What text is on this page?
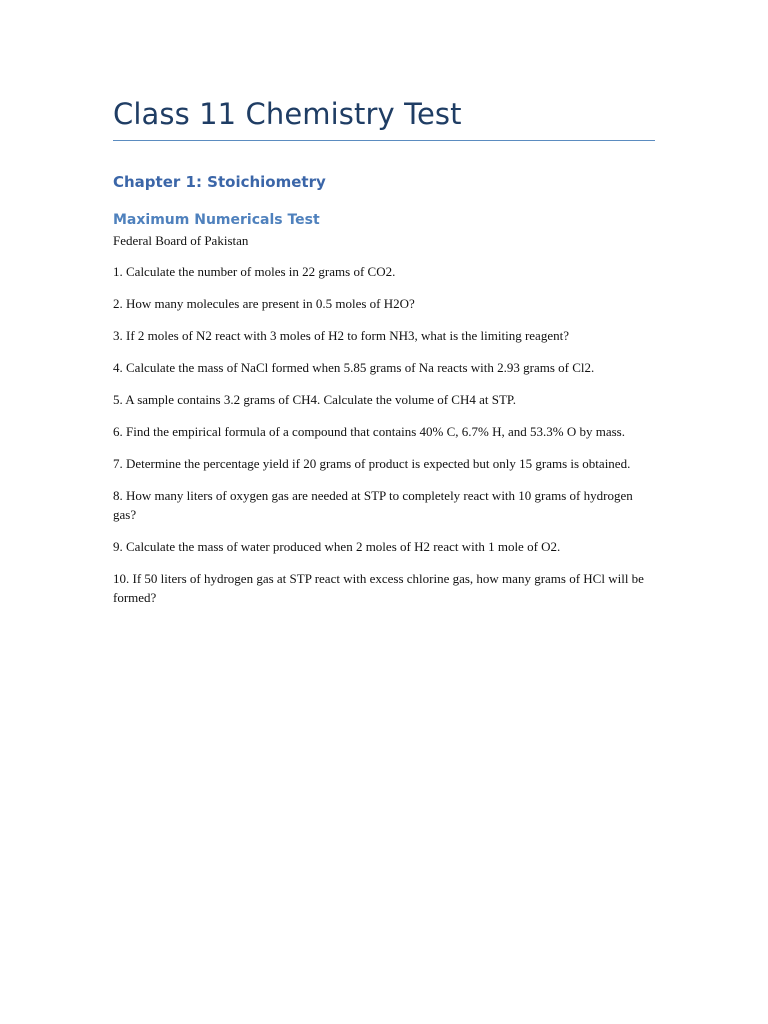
Class 11 Chemistry Test
Chapter 1: Stoichiometry
Maximum Numericals Test

Federal Board of Pakistan

1. Calculate the number of moles in 22 grams of CO2.
2. How many molecules are present in 0.5 moles of H2O?
3. If 2 moles of N2 react with 3 moles of H2 to form NH3, what is the limiting reagent?
4. Calculate the mass of NaCl formed when 5.85 grams of Na reacts with 2.93 grams of Cl2.
5. A sample contains 3.2 grams of CH4. Calculate the volume of CH4 at STP.
6. Find the empirical formula of a compound that contains 40% C, 6.7% H, and 53.3% O by mass.
7. Determine the percentage yield if 20 grams of product is expected but only 15 grams is obtained.
8. How many liters of oxygen gas are needed at STP to completely react with 10 grams of hydrogen gas?
9. Calculate the mass of water produced when 2 moles of H2 react with 1 mole of O2.
10. If 50 liters of hydrogen gas at STP react with excess chlorine gas, how many grams of HCl will be formed?
